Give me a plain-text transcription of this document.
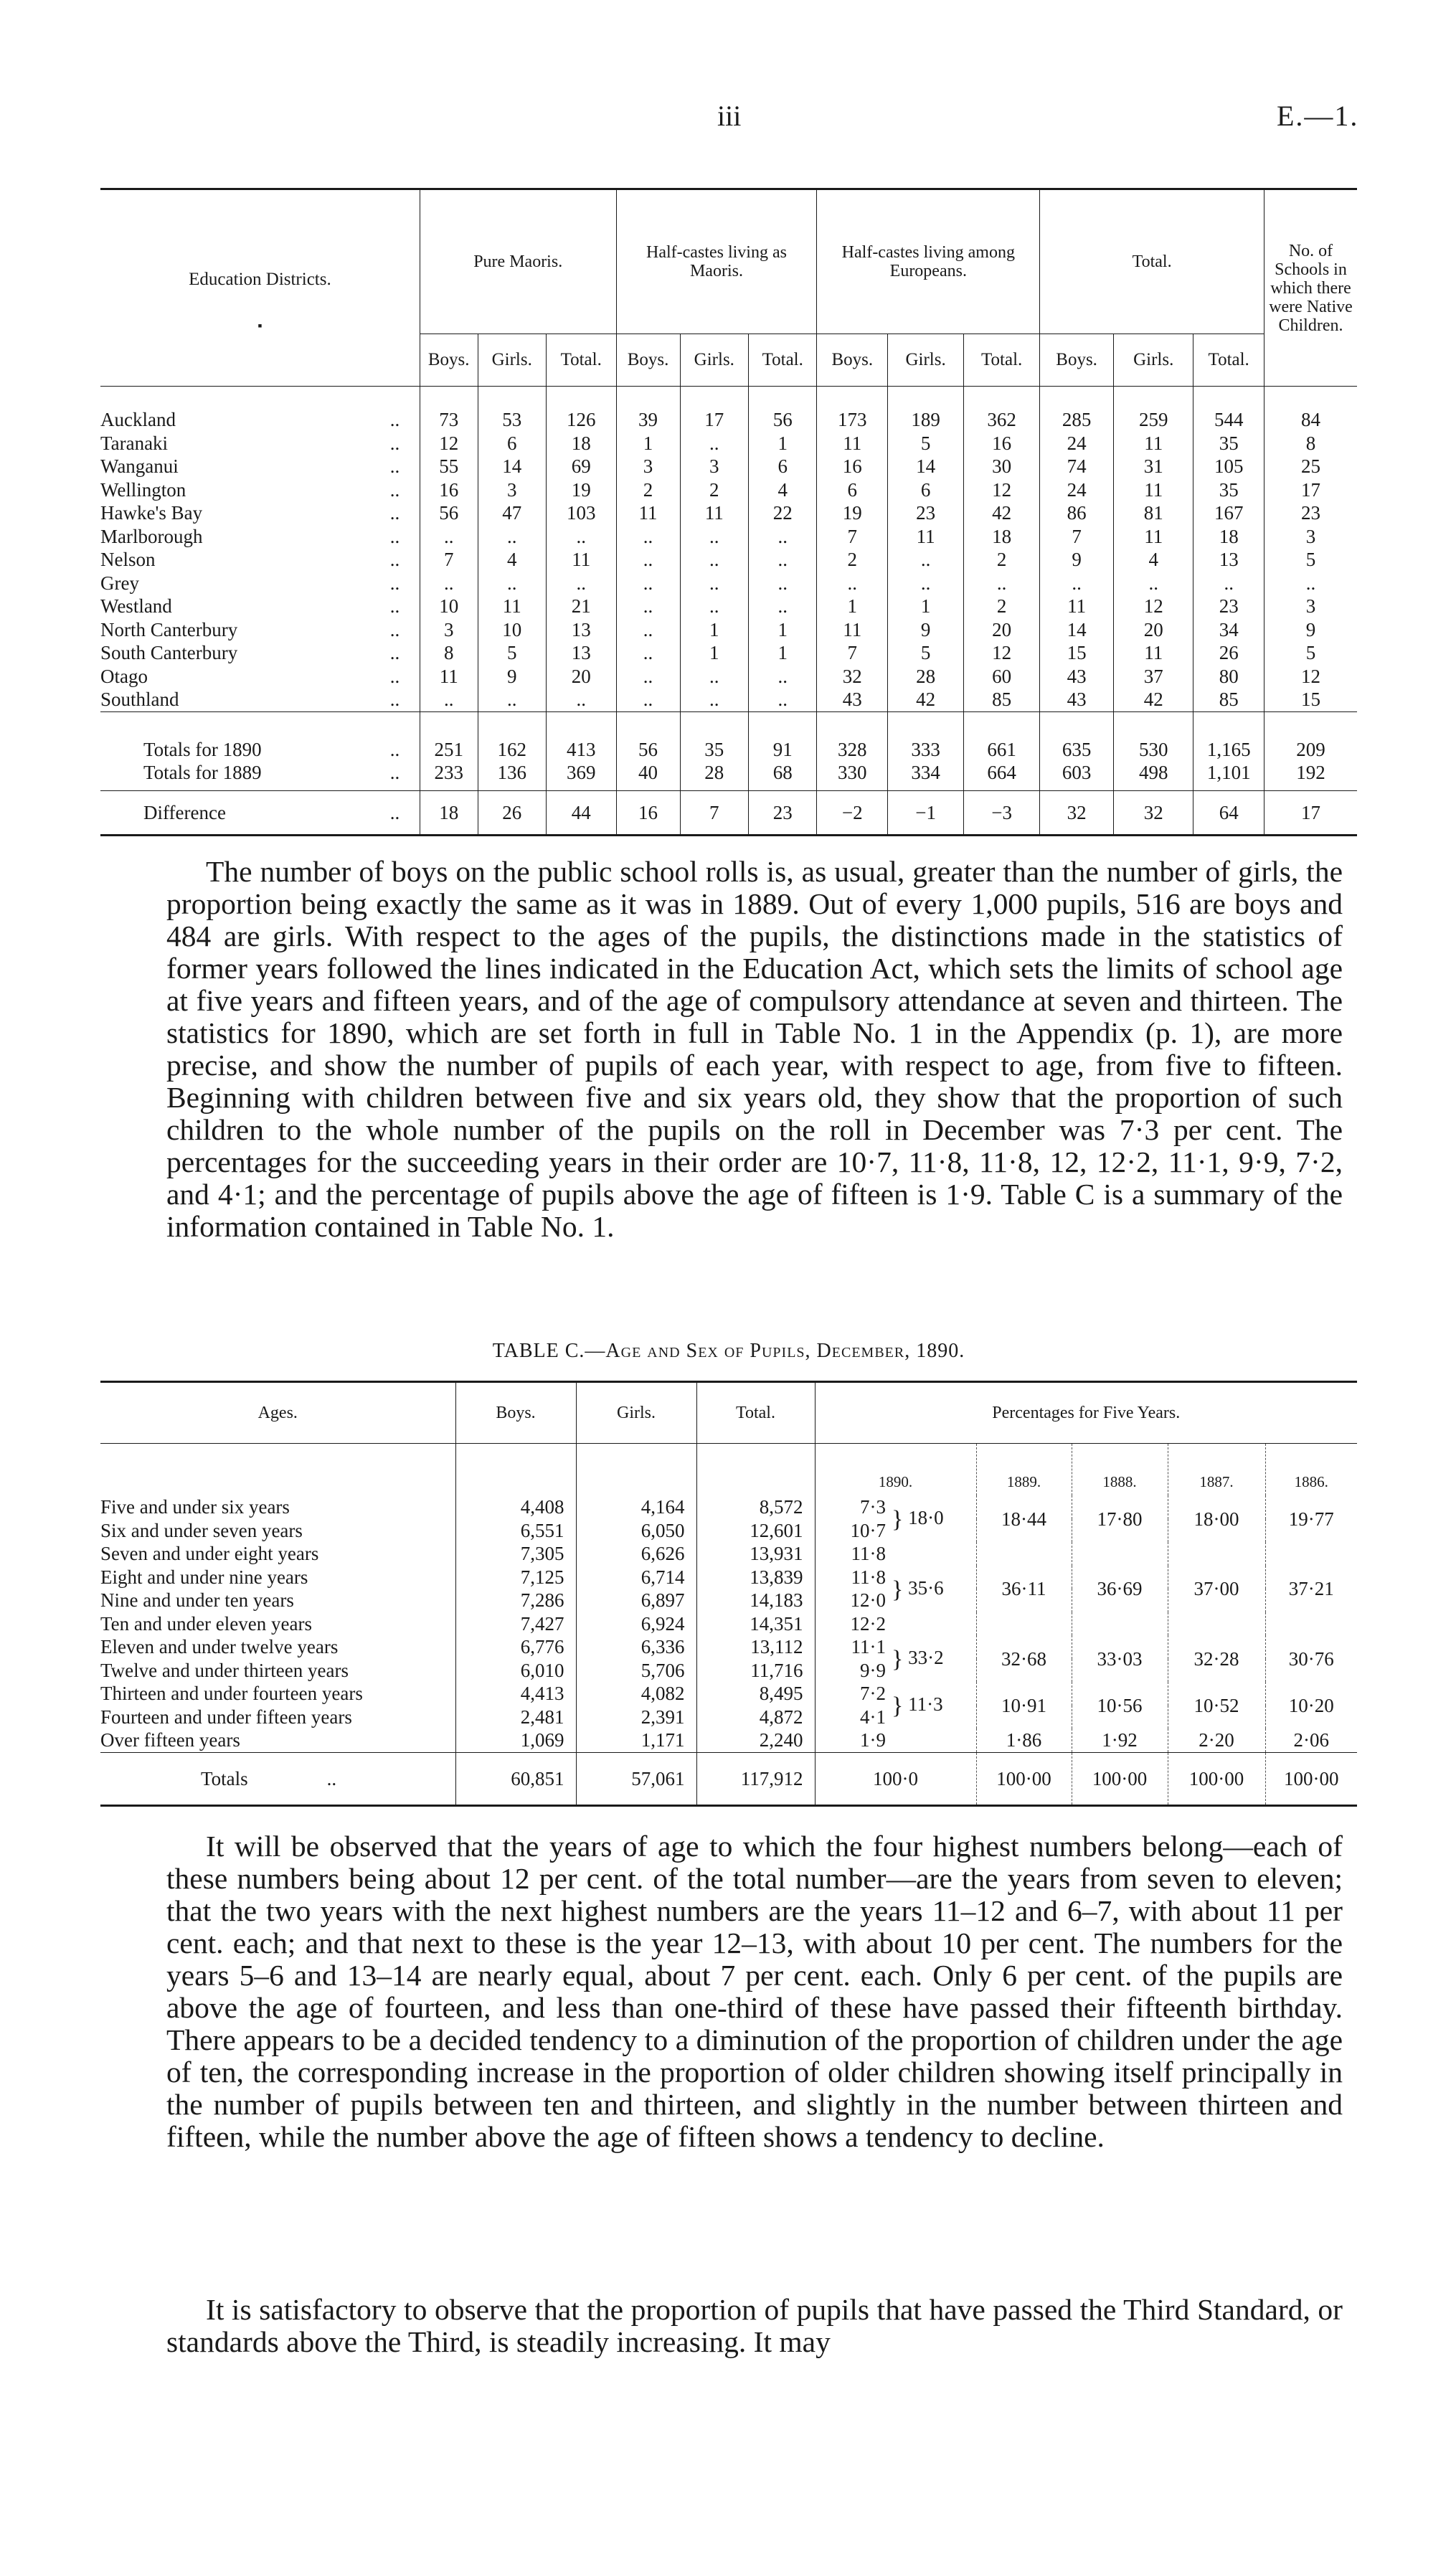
iii	E.—1.
Education Districts.
▪		Pure Maoris.			Half-castes living as Maoris.			Half-castes living among Europeans.			Total.			No. of Schools in which there were Native Children.
		Boys.	Girls.	Total.	Boys.	Girls.	Total.	Boys.	Girls.	Total.	Boys.	Girls.	Total.	
Auckland	..	73	53	126	39	17	56	173	189	362	285	259	544	84
Taranaki	..	12	6	18	1	..	1	11	5	16	24	11	35	8
Wanganui	..	55	14	69	3	3	6	16	14	30	74	31	105	25
Wellington	..	16	3	19	2	2	4	6	6	12	24	11	35	17
Hawke's Bay	..	56	47	103	11	11	22	19	23	42	86	81	167	23
Marlborough	..	..	..	..	..	..	..	7	11	18	7	11	18	3
Nelson	..	7	4	11	..	..	..	2	..	2	9	4	13	5
Grey	..	..	..	..	..	..	..	..	..	..	..	..	..	..
Westland	..	10	11	21	..	..	..	1	1	2	11	12	23	3
North Canterbury	..	3	10	13	..	1	1	11	9	20	14	20	34	9
South Canterbury	..	8	5	13	..	1	1	7	5	12	15	11	26	5
Otago	..	11	9	20	..	..	..	32	28	60	43	37	80	12
Southland	..	..	..	..	..	..	..	43	42	85	43	42	85	15
Totals for 1890	..	251	162	413	56	35	91	328	333	661	635	530	1,165	209
Totals for 1889	..	233	136	369	40	28	68	330	334	664	603	498	1,101	192

Difference	..	18	26	44	16	7	23	−2	−1	−3	32	32	64	17
The number of boys on the public school rolls is, as usual, greater than the number of girls, the proportion being exactly the same as it was in 1889. Out of every 1,000 pupils, 516 are boys and 484 are girls. With respect to the ages of the pupils, the distinctions made in the statistics of former years followed the lines indicated in the Education Act, which sets the limits of school age at five years and fifteen years, and of the age of compulsory attendance at seven and thirteen. The statistics for 1890, which are set forth in full in Table No. 1 in the Appendix (p. 1), are more precise, and show the number of pupils of each year, with respect to age, from five to fifteen. Beginning with children between five and six years old, they show that the proportion of such children to the whole number of the pupils on the roll in December was 7·3 per cent. The percentages for the succeeding years in their order are 10·7, 11·8, 11·8, 12, 12·2, 11·1, 9·9, 7·2, and 4·1; and the percentage of pupils above the age of fifteen is 1·9. Table C is a summary of the information contained in Table No. 1.
TABLE C.—Age and Sex of Pupils, December, 1890.
Ages.	Boys.	Girls.	Total.	Percentages for Five Years.					
				1890.		1889.	1888.	1887.	1886.
Five and under six years	4,408	4,164	8,572	7·3	} 18·0	18·44	17·80	18·00	19·77
Six and under seven years	6,551	6,050	12,601	10·7					
Seven and under eight years	7,305	6,626	13,931	11·8	} 35·6	36·11	36·69	37·00	37·21
Eight and under nine years	7,125	6,714	13,839	11·8					
Nine and under ten years	7,286	6,897	14,183	12·0					
Ten and under eleven years	7,427	6,924	14,351	12·2					
Eleven and under twelve years	6,776	6,336	13,112	11·1	} 33·2	32·68	33·03	32·28	30·76
Twelve and under thirteen years	6,010	5,706	11,716	9·9					
Thirteen and under fourteen years	4,413	4,082	8,495	7·2	} 11·3	10·91	10·56	10·52	10·20
Fourteen and under fifteen years	2,481	2,391	4,872	4·1					
Over fifteen years	1,069	1,171	2,240	1·9		1·86	1·92	2·20	2·06
Totals ..	60,851	57,061	117,912	100·0		100·00	100·00	100·00	100·00
It will be observed that the years of age to which the four highest numbers belong—each of these numbers being about 12 per cent. of the total number—are the years from seven to eleven; that the two years with the next highest numbers are the years 11–12 and 6–7, with about 11 per cent. each; and that next to these is the year 12–13, with about 10 per cent. The numbers for the years 5–6 and 13–14 are nearly equal, about 7 per cent. each. Only 6 per cent. of the pupils are above the age of fourteen, and less than one-third of these have passed their fifteenth birthday. There appears to be a decided tendency to a diminution of the proportion of children under the age of ten, the corresponding increase in the proportion of older children showing itself principally in the number of pupils between ten and thirteen, and slightly in the number between thirteen and fifteen, while the number above the age of fifteen shows a tendency to decline.
It is satisfactory to observe that the proportion of pupils that have passed the Third Standard, or standards above the Third, is steadily increasing. It may
